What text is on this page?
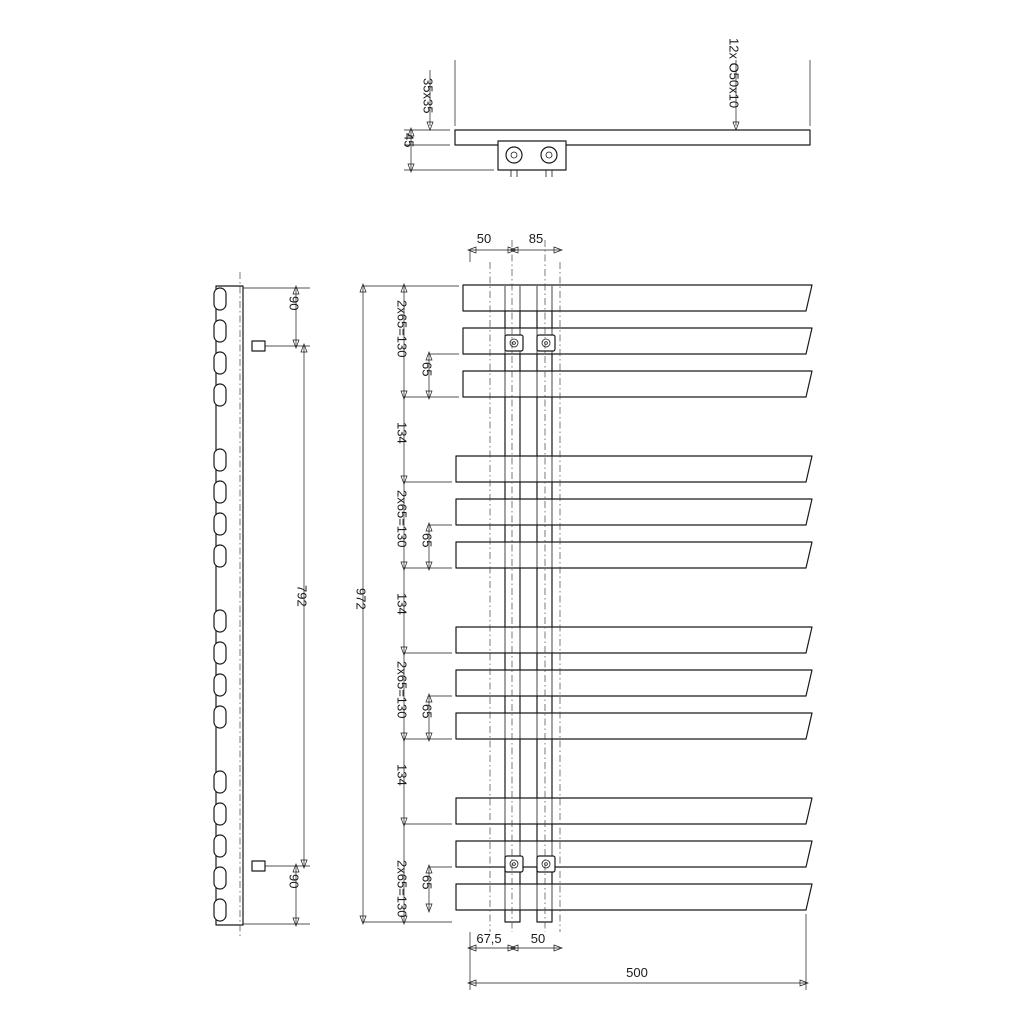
35x35
45
12x O50x10
90
792
90
50	85
972
2x65=130
134
2x65=130
134
2x65=130
134
2x65=130
65
65
65
65
67,5 50
500
